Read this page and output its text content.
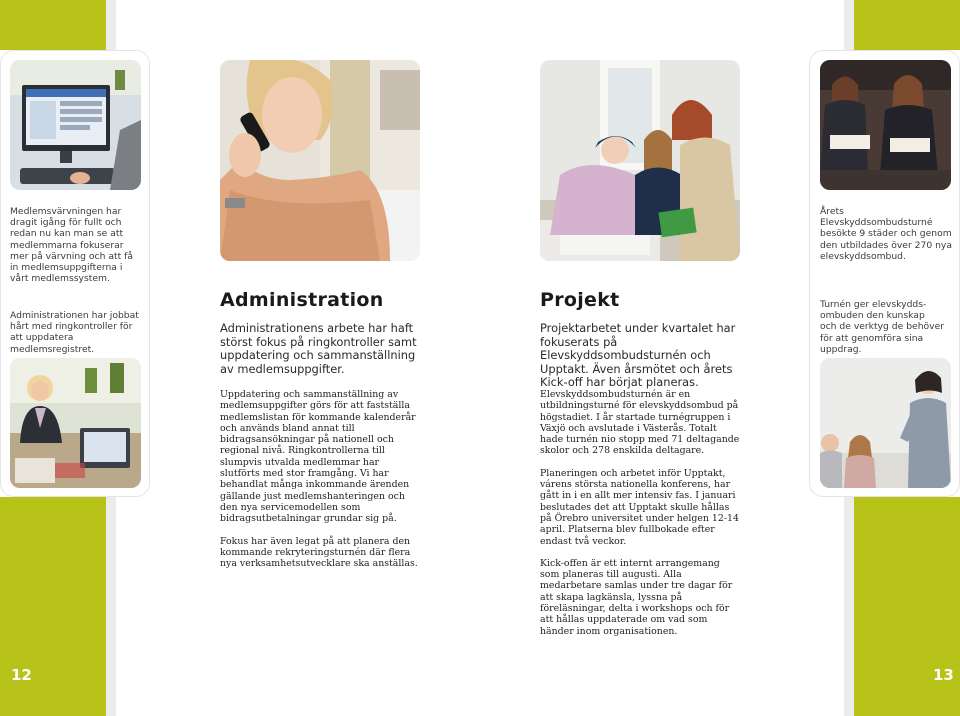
Medlemsvärvningen har dragit igång för fullt och redan nu kan man se att medlemmarna fokuserar mer på värvning och att få in medlemsuppgifterna i vårt medlemssystem.

Administrationen har jobbat hårt med ringkontroller för att uppdatera medlemsregistret.

Administration

Administrationens arbete har haft störst fokus på ringkontroller samt uppdatering och sammanställning av medlemsuppgifter.

Uppdatering och sammanställning av medlemsuppgifter görs för att fastställa medlemslistan för kommande kalenderår och används bland annat till bidragsansökningar på nationell och regional nivå. Ringkontrollerna till slumpvis utvalda medlemmar har slutförts med stor framgång. Vi har behandlat många inkommande ärenden gällande just medlemshanteringen och den nya servicemodellen som bidragsutbetalningar grundar sig på.

Fokus har även legat på att planera den kommande rekryteringsturnén där flera nya verksamhetsutvecklare ska anställas.

12
Projekt

Projektarbetet under kvartalet har fokuserats på Elevskyddsombudsturnén och Upptakt. Även årsmötet och årets Kick-off har börjat planeras.

Elevskyddsombudsturnén är en utbildningsturné för elevskyddsombud på högstadiet. I år startade turnégruppen i Växjö och avslutade i Västerås. Totalt hade turnén nio stopp med 71 deltagande skolor och 278 enskilda deltagare.

Planeringen och arbetet inför Upptakt, várens största nationella konferens, har gått in i en allt mer intensiv fas. I januari beslutades det att Upptakt skulle hållas på Örebro universitet under helgen 12-14 april. Platserna blev fullbokade efter endast två veckor.

Kick-offen är ett internt arrangemang som planeras till augusti. Alla medarbetare samlas under tre dagar för att skapa lagkänsla, lyssna på föreläsningar, delta i workshops och för att hållas uppdaterade om vad som händer inom organisationen.

Årets Elevskyddsombudsturné besökte 9 städer och genom den utbildades över 270 nya elevskyddsombud.

Turnén ger elevskydds-ombuden den kunskap och de verktyg de behöver för att genomföra sina uppdrag.

13
